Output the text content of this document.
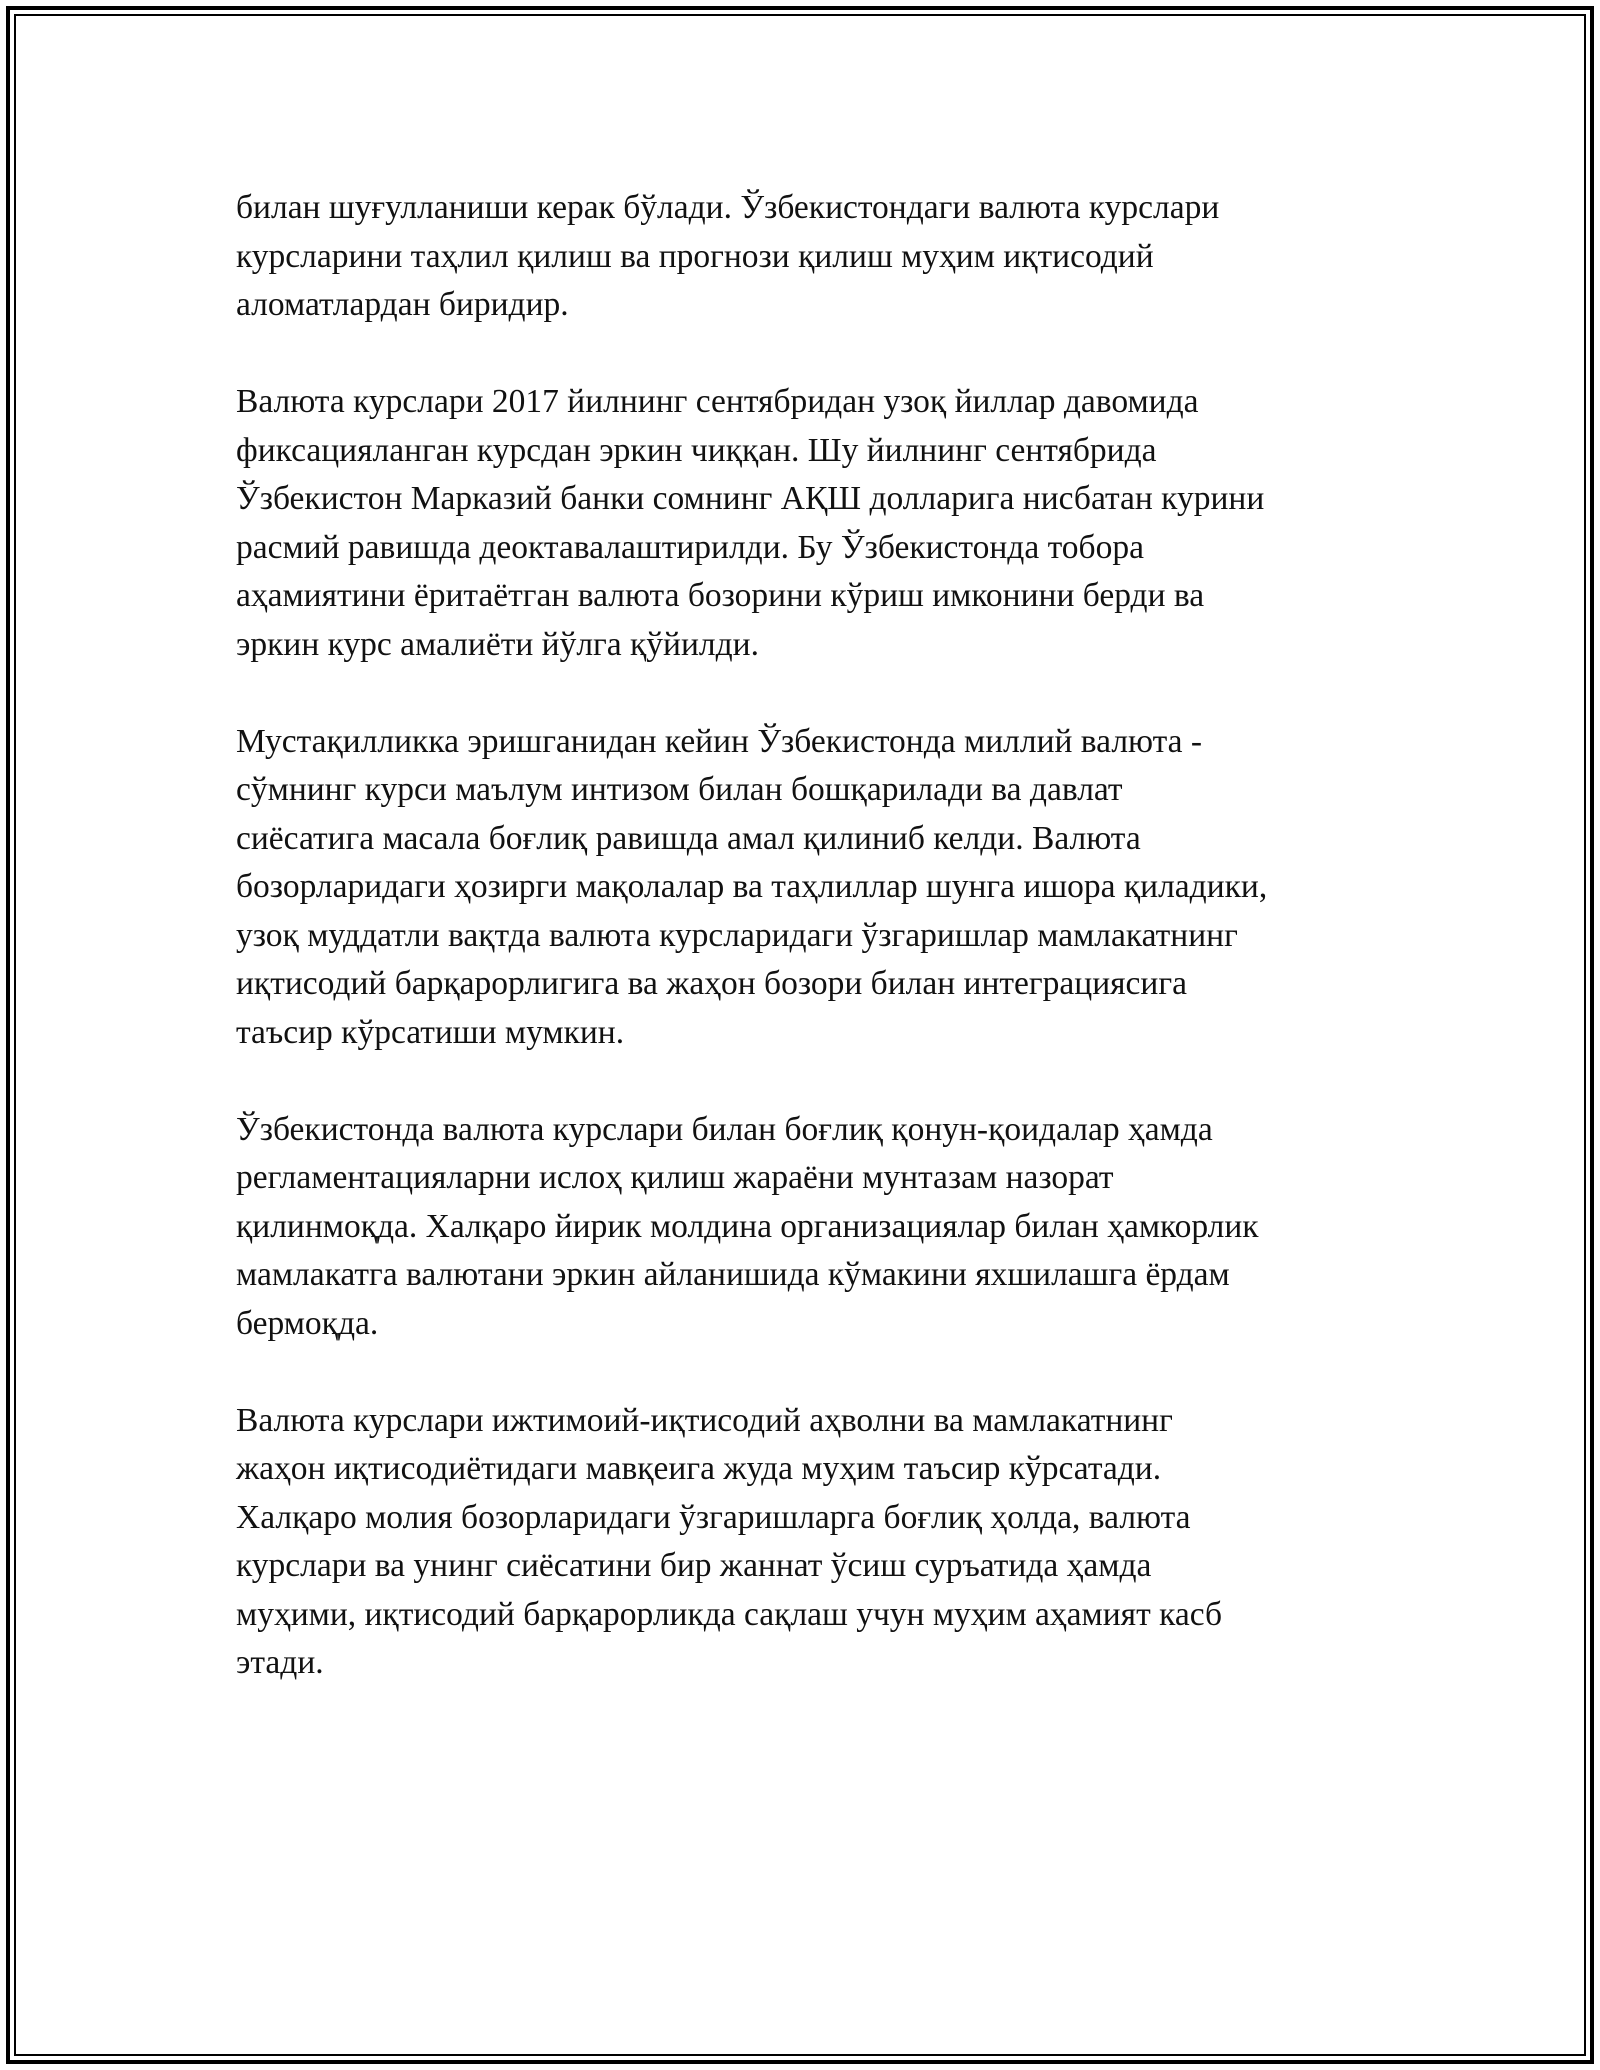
билан шуғулланиши керак бўлади. Ўзбекистондаги валюта курслари
курсларини таҳлил қилиш ва прогнози қилиш муҳим иқтисодий
аломатлардан биридир.

Валюта курслари 2017 йилнинг сентябридан узоқ йиллар давомида
фиксацияланган курсдан эркин чиққан. Шу йилнинг сентябрида
Ўзбекистон Марказий банки сомнинг АҚШ долларига нисбатан курини
расмий равишда деоктавалаштирилди. Бу Ўзбекистонда тобора
аҳамиятини ёритаётган валюта бозорини кўриш имконини берди ва
эркин курс амалиёти йўлга қўйилди.

Мустақилликка эришганидан кейин Ўзбекистонда миллий валюта -
сўмнинг курси маълум интизом билан бошқарилади ва давлат
сиёсатига масала боғлиқ равишда амал қилиниб келди. Валюта
бозорларидаги ҳозирги мақолалар ва таҳлиллар шунга ишора қиладики,
узоқ муддатли вақтда валюта курсларидаги ўзгаришлар мамлакатнинг
иқтисодий барқарорлигига ва жаҳон бозори билан интеграциясига
таъсир кўрсатиши мумкин.

Ўзбекистонда валюта курслари билан боғлиқ қонун-қоидалар ҳамда
регламентацияларни ислоҳ қилиш жараёни мунтазам назорат
қилинмоқда. Халқаро йирик молдина организациялар билан ҳамкорлик
мамлакатга валютани эркин айланишида кўмакини яхшилашга ёрдам
бермоқда.

Валюта курслари ижтимоий-иқтисодий аҳволни ва мамлакатнинг
жаҳон иқтисодиётидаги мавқеига жуда муҳим таъсир кўрсатади.
Халқаро молия бозорларидаги ўзгаришларга боғлиқ ҳолда, валюта
курслари ва унинг сиёсатини бир жаннат ўсиш суръатида ҳамда
муҳими, иқтисодий барқарорликда сақлаш учун муҳим аҳамият касб
этади.
